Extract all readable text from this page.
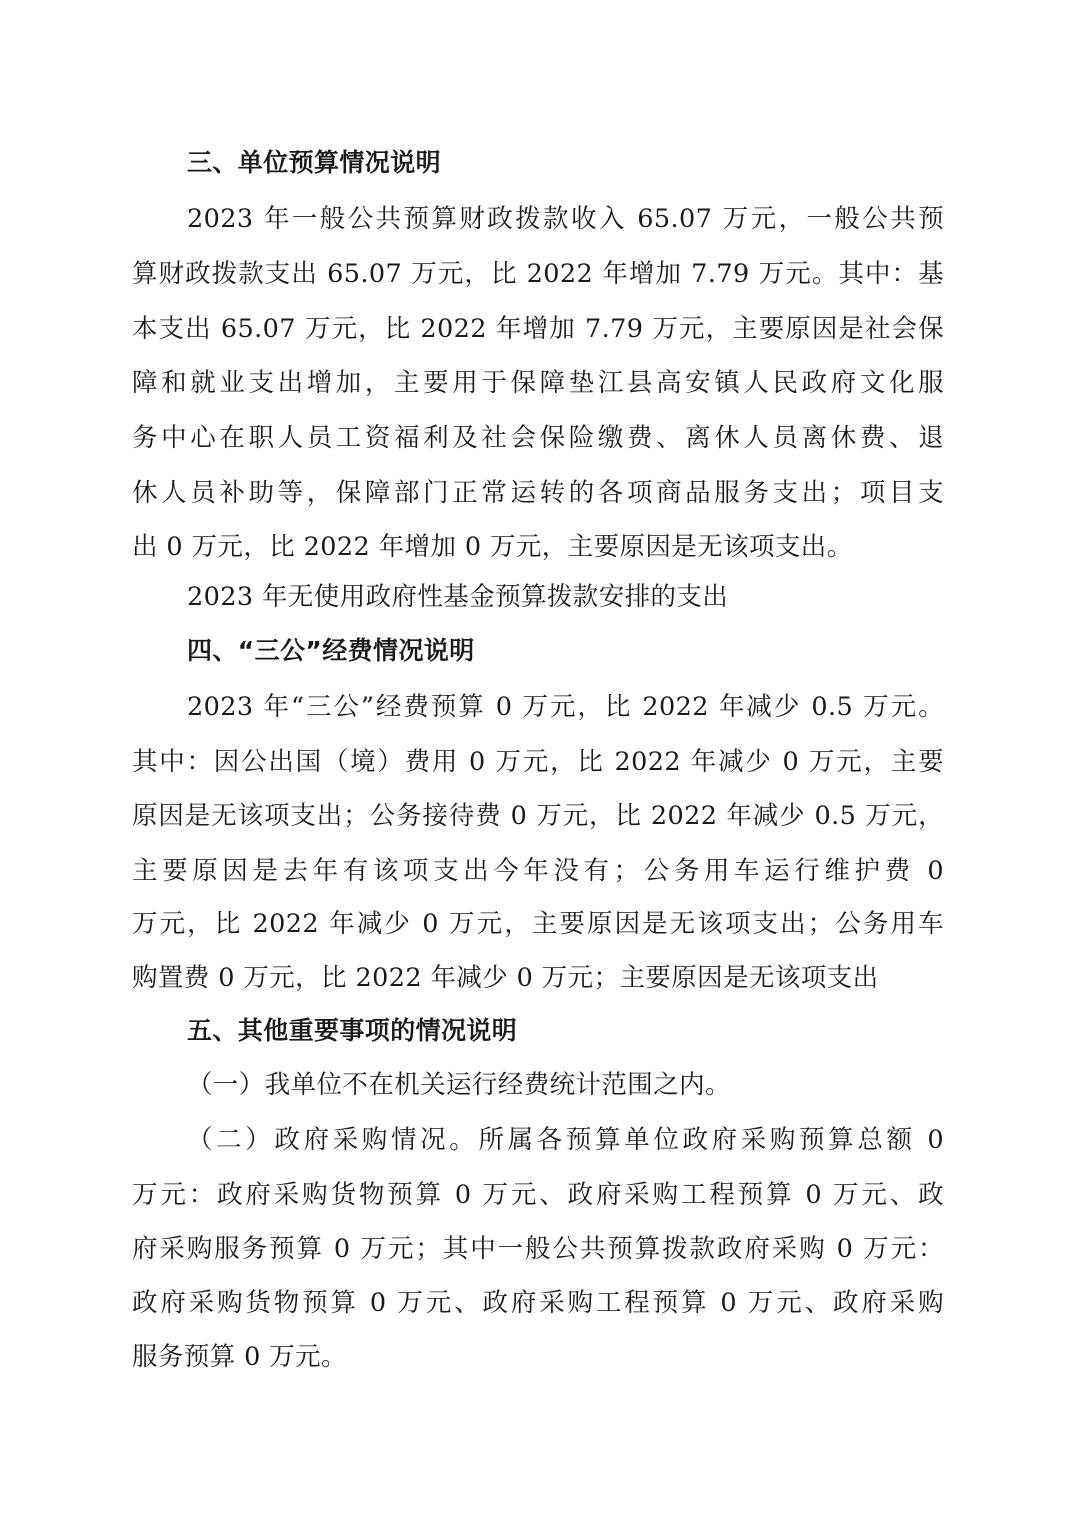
三、单位预算情况说明
2023 年一般公共预算财政拨款收入 65.07 万元，一般公共预
算财政拨款支出 65.07 万元，比 2022 年增加 7.79 万元。其中：基
本支出 65.07 万元，比 2022 年增加 7.79 万元，主要原因是社会保
障和就业支出增加，主要用于保障垫江县高安镇人民政府文化服
务中心在职人员工资福利及社会保险缴费、离休人员离休费、退
休人员补助等，保障部门正常运转的各项商品服务支出；项目支
出 0 万元，比 2022 年增加 0 万元，主要原因是无该项支出。
2023 年无使用政府性基金预算拨款安排的支出
四、“三公”经费情况说明
2023 年“三公”经费预算 0 万元，比 2022 年减少 0.5 万元。
其中：因公出国（境）费用 0 万元，比 2022 年减少 0 万元，主要
原因是无该项支出；公务接待费 0 万元，比 2022 年减少 0.5 万元，
主要原因是去年有该项支出今年没有；公务用车运行维护费 0
万元，比 2022 年减少 0 万元，主要原因是无该项支出；公务用车
购置费 0 万元，比 2022 年减少 0 万元；主要原因是无该项支出
五、其他重要事项的情况说明
（一）我单位不在机关运行经费统计范围之内。
（二）政府采购情况。所属各预算单位政府采购预算总额 0
万元：政府采购货物预算 0 万元、政府采购工程预算 0 万元、政
府采购服务预算 0 万元；其中一般公共预算拨款政府采购 0 万元：
政府采购货物预算 0 万元、政府采购工程预算 0 万元、政府采购
服务预算 0 万元。
